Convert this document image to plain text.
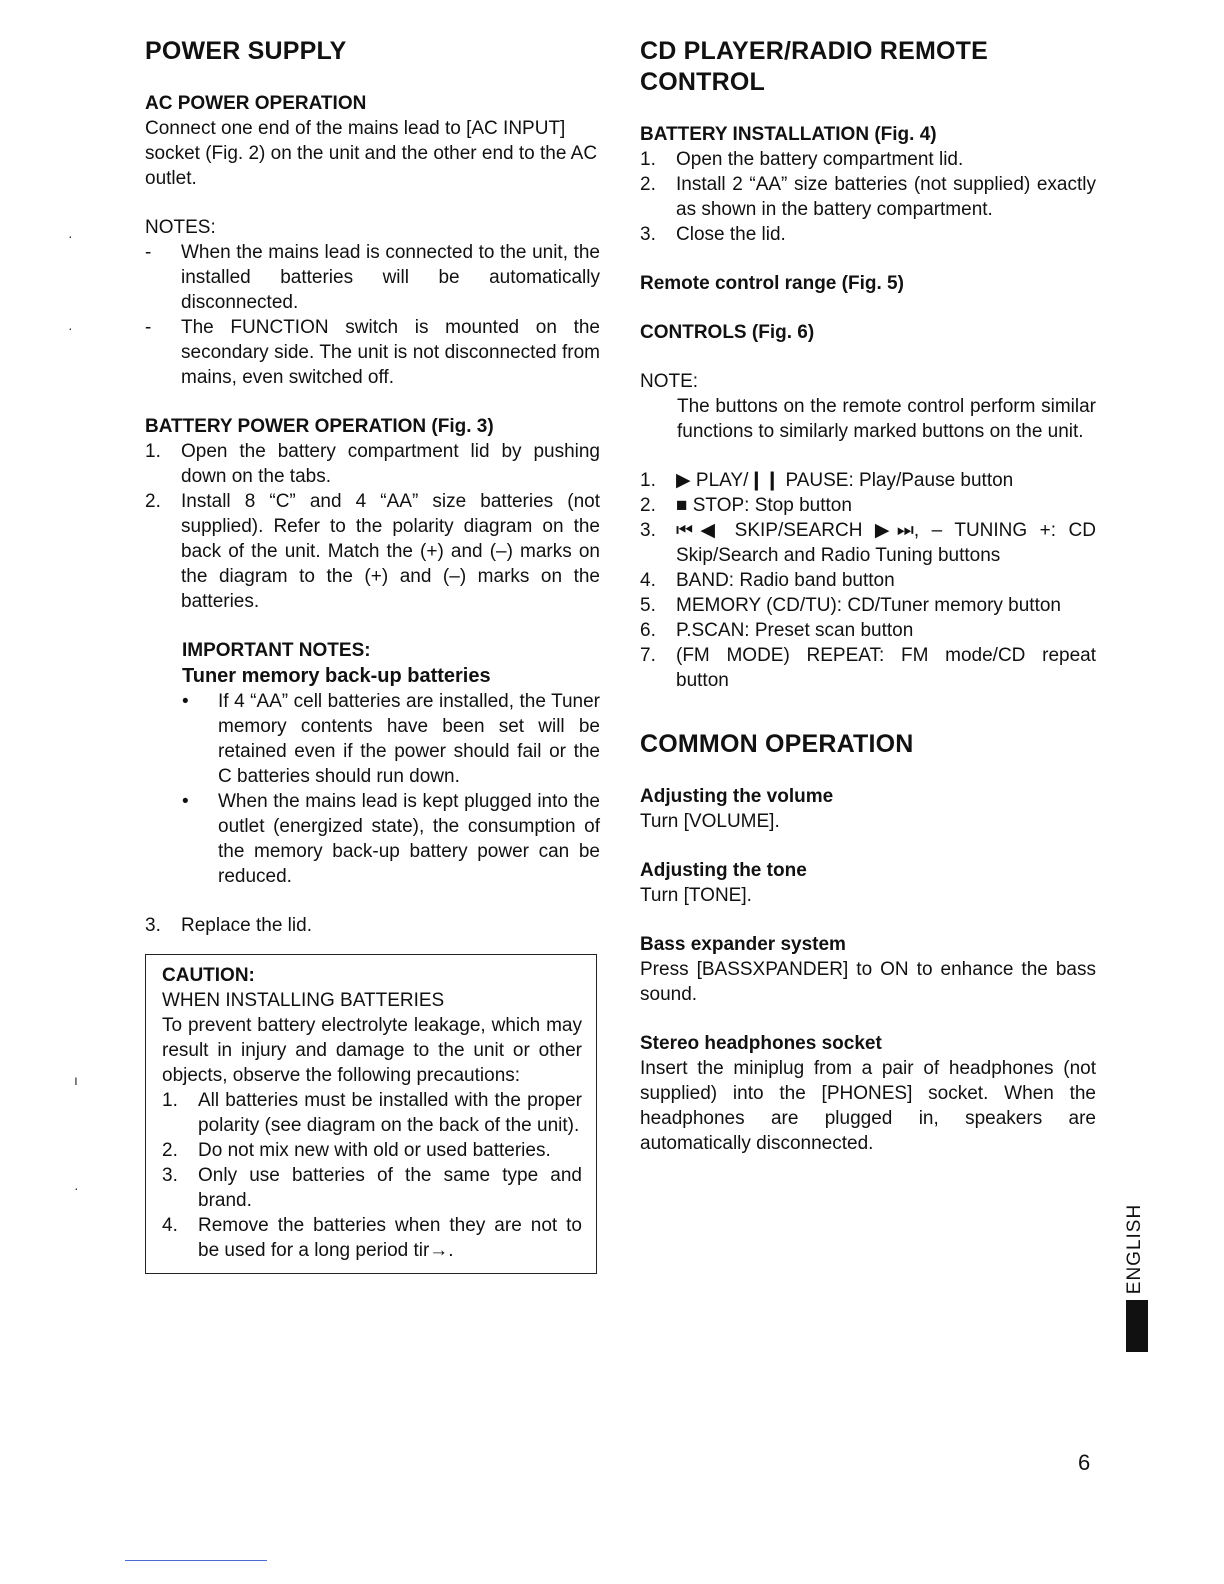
POWER SUPPLY
AC POWER OPERATION

Connect one end of the mains lead to [AC INPUT] socket (Fig. 2) on the unit and the other end to the AC outlet.

NOTES:

- When the mains lead is connected to the unit, the installed batteries will be automatically disconnected.
- The FUNCTION switch is mounted on the secondary side. The unit is not disconnected from mains, even switched off.
BATTERY POWER OPERATION (Fig. 3)
1. Open the battery compartment lid by pushing down on the tabs.
2. Install 8 “C” and 4 “AA” size batteries (not supplied). Refer to the polarity diagram on the back of the unit. Match the (+) and (–) marks on the diagram to the (+) and (–) marks on the batteries.
IMPORTANT NOTES:
Tuner memory back-up batteries
• If 4 “AA” cell batteries are installed, the Tuner memory contents have been set will be retained even if the power should fail or the C batteries should run down.
• When the mains lead is kept plugged into the outlet (energized state), the consumption of the memory back-up battery power can be reduced.
3. Replace the lid.
CAUTION:

WHEN INSTALLING BATTERIES

To prevent battery electrolyte leakage, which may result in injury and damage to the unit or other objects, observe the following precautions:

1. All batteries must be installed with the proper polarity (see diagram on the back of the unit).
2. Do not mix new with old or used batteries.
3. Only use batteries of the same type and brand.
4. Remove the batteries when they are not to be used for a long period tir→.
CD PLAYER/RADIO REMOTE CONTROL
BATTERY INSTALLATION (Fig. 4)
1. Open the battery compartment lid.
2. Install 2 “AA” size batteries (not supplied) exactly as shown in the battery compartment.
3. Close the lid.
Remote control range (Fig. 5)
CONTROLS (Fig. 6)

NOTE:

The buttons on the remote control perform similar functions to similarly marked buttons on the unit.

1. ▶ PLAY/❙❙ PAUSE: Play/Pause button
2. ■ STOP: Stop button
3. ⏮◀ SKIP/SEARCH ▶⏭, – TUNING +: CD Skip/Search and Radio Tuning buttons
4. BAND: Radio band button
5. MEMORY (CD/TU): CD/Tuner memory button
6. P.SCAN: Preset scan button
7. (FM MODE) REPEAT: FM mode/CD repeat button
COMMON OPERATION
Adjusting the volume

Turn [VOLUME].

Adjusting the tone

Turn [TONE].

Bass expander system

Press [BASSXPANDER] to ON to enhance the bass sound.

Stereo headphones socket

Insert the miniplug from a pair of headphones (not supplied) into the [PHONES] socket. When the headphones are plugged in, speakers are automatically disconnected.

ENGLISH
6
·
·
ı
·
